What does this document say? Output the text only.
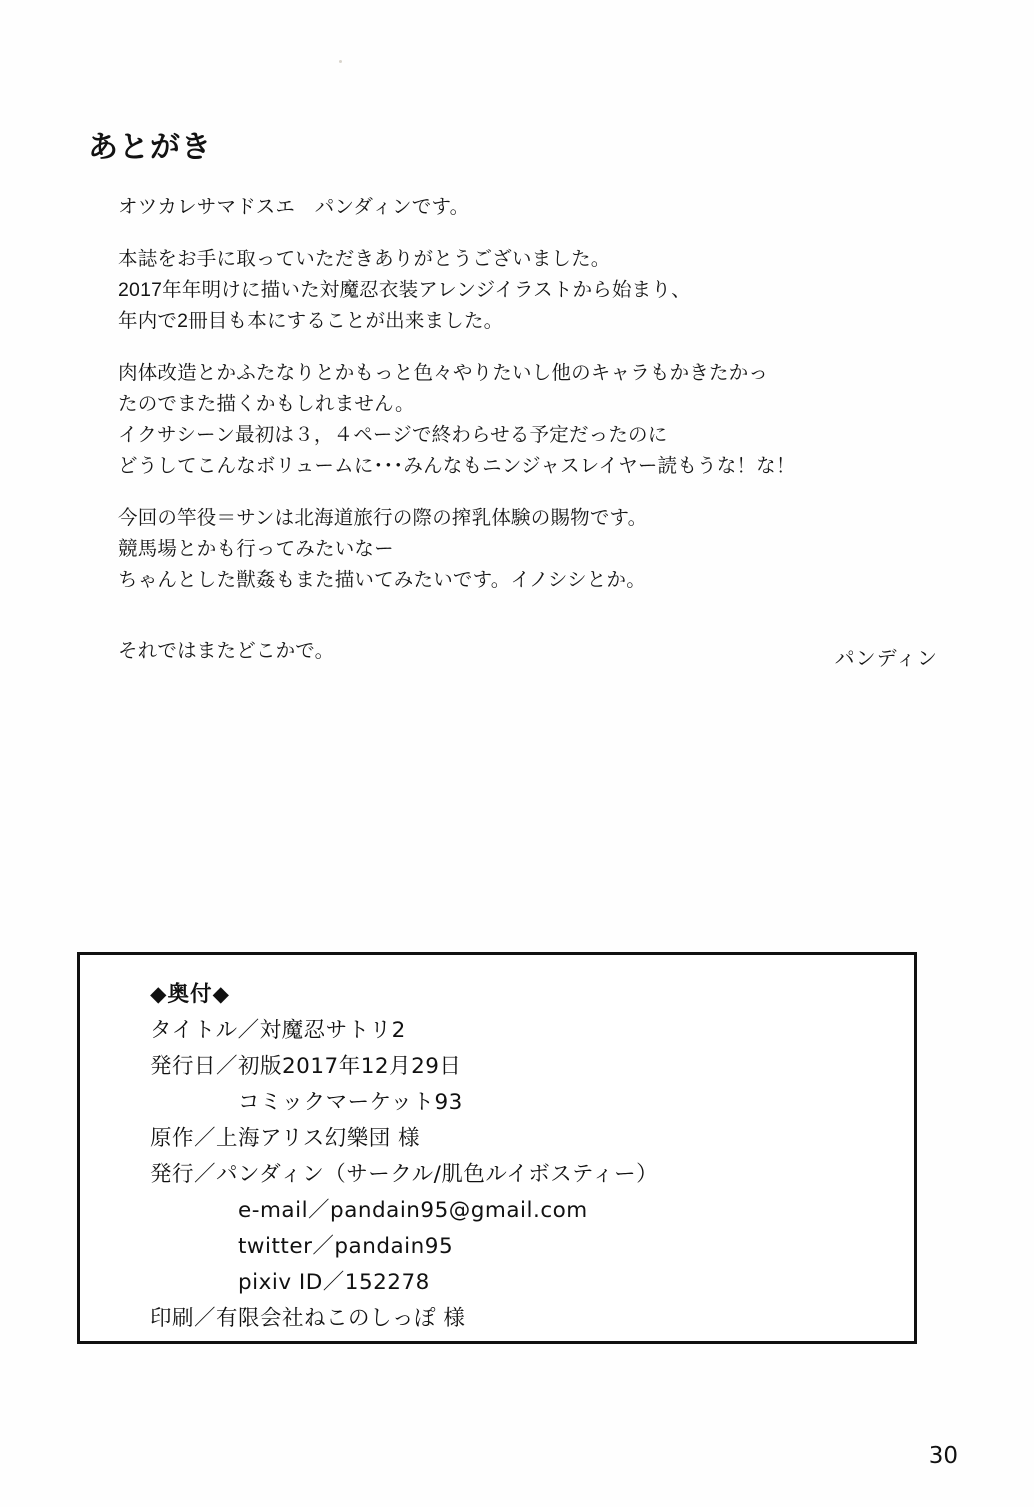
あとがき

オツカレサマドスエ　パンダィンです。

本誌をお手に取っていただきありがとうございました。

2017年年明けに描いた対魔忍衣装アレンジイラストから始まり、

年内で2冊目も本にすることが出来ました。

肉体改造とかふたなりとかもっと色々やりたいし他のキャラもかきたかっ

たのでまた描くかもしれません。

イクサシーン最初は３，４ページで終わらせる予定だったのに

どうしてこんなボリュームに･･･みんなもニンジャスレイヤー読もうな！な！

今回の竿役＝サンは北海道旅行の際の搾乳体験の賜物です。

競馬場とかも行ってみたいなー

ちゃんとした獣姦もまた描いてみたいです。イノシシとか。

それではまたどこかで。	パンディン
◆奥付◆
タイトル／対魔忍サトリ2
発行日／初版2017年12月29日
コミックマーケット93
原作／上海アリス幻樂団 様
発行／パンダィン（サークル/肌色ルイボスティー）
e-mail／pandain95@gmail.com
twitter／pandain95
pixiv ID／152278
印刷／有限会社ねこのしっぽ 様
30
